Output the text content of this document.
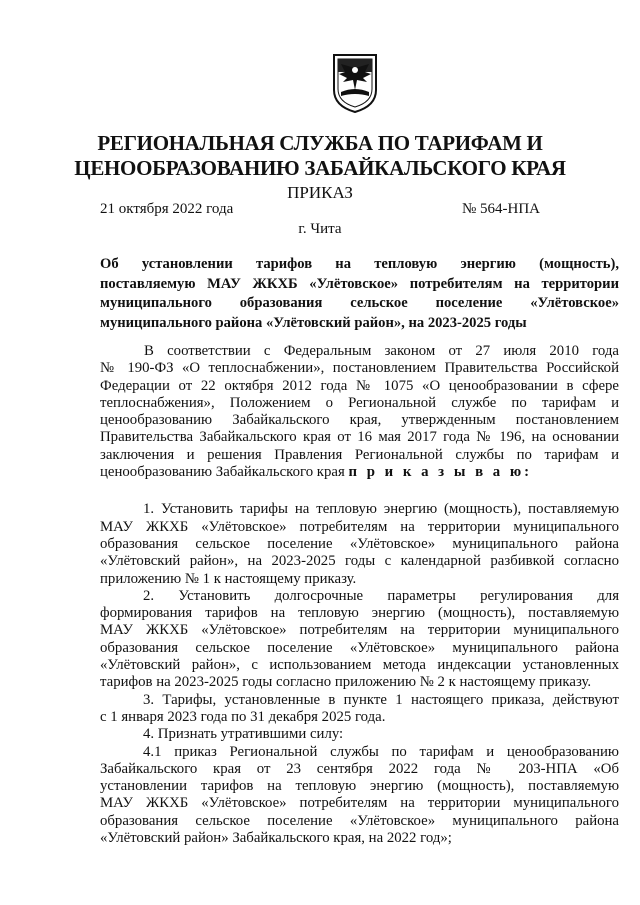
РЕГИОНАЛЬНАЯ СЛУЖБА ПО ТАРИФАМ И
ЦЕНООБРАЗОВАНИЮ ЗАБАЙКАЛЬСКОГО КРАЯ
ПРИКАЗ
21 октября 2022 года	№ 564-НПА
г. Чита
Об установлении тарифов на тепловую энергию (мощность),
поставляемую МАУ ЖКХБ «Улётовское» потребителям на территории
муниципального образования сельское поселение «Улётовское»
муниципального района «Улётовский район», на 2023-2025 годы
В соответствии с Федеральным законом от 27 июля 2010 года
№ 190-ФЗ «О теплоснабжении», постановлением Правительства Российской
Федерации от 22 октября 2012 года № 1075 «О ценообразовании в сфере
теплоснабжения», Положением о Региональной службе по тарифам и
ценообразованию Забайкальского края, утвержденным постановлением
Правительства Забайкальского края от 16 мая 2017 года № 196, на основании
заключения и решения Правления Региональной службы по тарифам и
ценообразованию Забайкальского края п р и к а з ы в а ю:
1. Установить тарифы на тепловую энергию (мощность), поставляемую
МАУ ЖКХБ «Улётовское» потребителям на территории муниципального
образования сельское поселение «Улётовское» муниципального района
«Улётовский район», на 2023-2025 годы с календарной разбивкой согласно
приложению № 1 к настоящему приказу.
2. Установить долгосрочные параметры регулирования для
формирования тарифов на тепловую энергию (мощность), поставляемую
МАУ ЖКХБ «Улётовское» потребителям на территории муниципального
образования сельское поселение «Улётовское» муниципального района
«Улётовский район», с использованием метода индексации установленных
тарифов на 2023-2025 годы согласно приложению № 2 к настоящему приказу.
3. Тарифы, установленные в пункте 1 настоящего приказа, действуют
с 1 января 2023 года по 31 декабря 2025 года.
4. Признать утратившими силу:
4.1 приказ Региональной службы по тарифам и ценообразованию
Забайкальского края от 23 сентября 2022 года № 203-НПА «Об
установлении тарифов на тепловую энергию (мощность), поставляемую
МАУ ЖКХБ «Улётовское» потребителям на территории муниципального
образования сельское поселение «Улётовское» муниципального района
«Улётовский район» Забайкальского края, на 2022 год»;
